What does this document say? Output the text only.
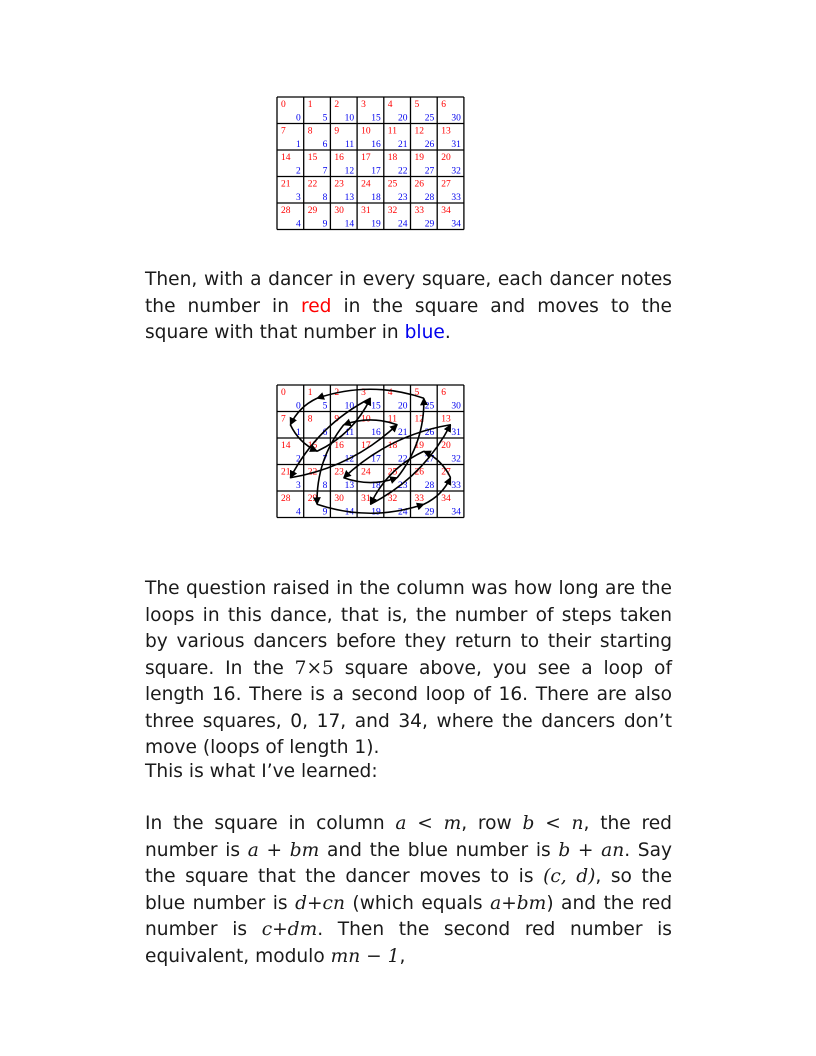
0
0
1
5
2
10
3
15
4
20
5
25
6
30
7
1
8
6
9
11
10
16
11
21
12
26
13
31
14
2
15
7
16
12
17
17
18
22
19
27
20
32
21
3
22
8
23
13
24
18
25
23
26
28
27
33
28
4
29
9
30
14
31
19
32
24
33
29
34
34

Then, with a dancer in every square, each dancer notes the number in red in the square and moves to the square with that number in blue.

0
0
1
5
2
10
3
15
4
20
5
25
6
30
7
1
8
6
9
11
10
16
11
21
12
26
13
31
14
2
15
7
16
12
17
17
18
22
19
27
20
32
21
3
22
8
23
13
24
18
25
23
26
28
27
33
28
4
29
9
30
14
31
19
32
24
33
29
34
34

The question raised in the column was how long are the loops in this dance, that is, the number of steps taken by various dancers before they return to their starting square. In the 7×5 square above, you see a loop of length 16. There is a second loop of 16. There are also three squares, 0, 17, and 34, where the dancers don’t move (loops of length 1).

This is what I’ve learned:

In the square in column a < m, row b < n, the red number is a + bm and the blue number is b + an. Say the square that the dancer moves to is (c, d), so the blue number is d+cn (which equals a+bm) and the red number is c+dm. Then the second red number is equivalent, modulo mn − 1,
